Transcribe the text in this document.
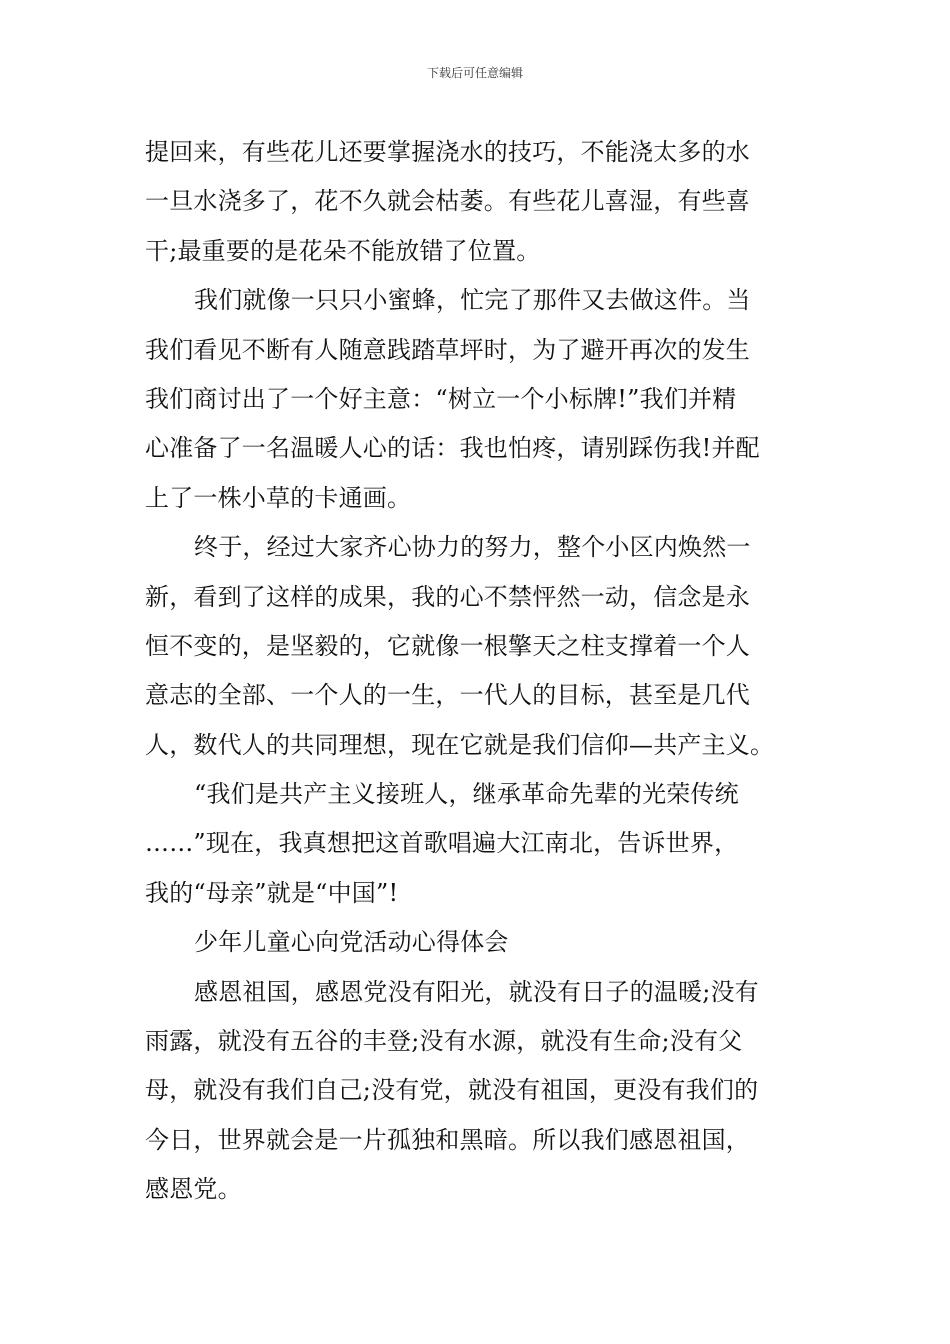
下载后可任意编辑
提回来，有些花儿还要掌握浇水的技巧，不能浇太多的水
一旦水浇多了，花不久就会枯萎。有些花儿喜湿，有些喜
干;最重要的是花朵不能放错了位置。
我们就像一只只小蜜蜂，忙完了那件又去做这件。当
我们看见不断有人随意践踏草坪时，为了避开再次的发生
我们商讨出了一个好主意：“树立一个小标牌!”我们并精
心准备了一名温暖人心的话：我也怕疼，请别踩伤我!并配
上了一株小草的卡通画。
终于，经过大家齐心协力的努力，整个小区内焕然一
新，看到了这样的成果，我的心不禁怦然一动，信念是永
恒不变的，是坚毅的，它就像一根擎天之柱支撑着一个人
意志的全部、一个人的一生，一代人的目标，甚至是几代
人，数代人的共同理想，现在它就是我们信仰—共产主义。
“我们是共产主义接班人，继承革命先辈的光荣传统
……”现在，我真想把这首歌唱遍大江南北，告诉世界，
我的“母亲”就是“中国”!
少年儿童心向党活动心得体会
感恩祖国，感恩党没有阳光，就没有日子的温暖;没有
雨露，就没有五谷的丰登;没有水源，就没有生命;没有父
母，就没有我们自己;没有党，就没有祖国，更没有我们的
今日，世界就会是一片孤独和黑暗。所以我们感恩祖国，
感恩党。
